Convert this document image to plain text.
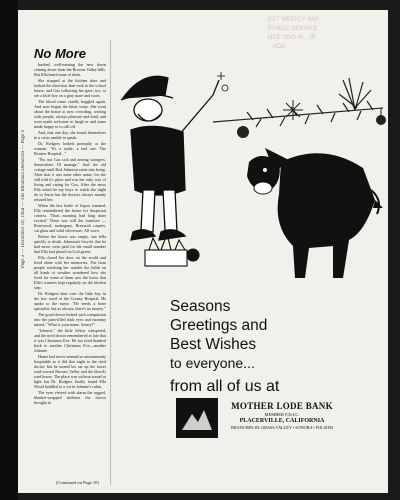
Page 2 — December 18, 1964 — The Mountain Democrat — Page 9
EXT WEEKLY PAP...
PUBLIC SERVICE
NCE ONG W... IR
...ADE
No More

bushed, well-earning the new down coming down from the Browns Valley hills. But Ella heard none of them.

She stopped at the kitchen door and looked the direction Jane took to the school house, and Gus following her gaze, too, to see a little boy on a gray mare and worn.

The blood came cruelly boggled again. And now began the bitter irony. She went about the house at now crowding, waiting with people, always pleasure and kind, and were made welcome to laugh or and some made happy or to call off.

And, that one day, she found themselves in a crisis unable to speak.

Dr. Rodgers looked promptly at the woman. "It's a smile, a bad one. The Pioneer Hospital..."

"No, not Gus sick and among strangers. Somewhere I'll manage." And the old cottage until Rod Johnston came into being. After that it was none other name, for she still told it's place and was her only way of living and caring for Gus. After the news Ella asked he say boys to watch the night do to Jessie but the doctors always mainly refused her.

When the last bottle of liquor warmed, Ella remembered the house for Suspicion context. 'Thats morning bad long done excited.' There was still the furniture — Rosewood, mahogany, Bravarah carpets, cut glass and solid silverware. All worn.

Before the house was empty, one fella quickly to death. Johnston's bicycle that he had never went paid for the small number that Ella had placed on God gaven.

Ella closed her door on the world and lived alone with her memories. The farm people watching her wander the fields on all kinds of weather wondered how she lived for some of them saw the horse that Ella's trustees kept regularly on the kitchen step.

Dr. Rodgers bent over the little boy in the low ward of the County Hospital. He spoke to the nurse. "He needs a bone specialist, but as always, there's no money."

The good doctor looked with compassion into the pain-filled dark eyes and mommy mined, "What is your name, Sonny?"

"Johnnie," the little fellow whispered, and the tired doctor remembered at fate that it was Christmas Eve. He too tired thanked back to another Christmas Eve—another Johnnie.

Home had never seemed so uncommonly hospitable as it did that night to the tired doctor, but he turned his car up the lower road toward Browns Valley and the blood's road house. The place was without sound or light but Dr. Rodgers finally found Ella Wood huddled to a cot in Johnnie's cabin.

The eyes viewed with alarm the ragged, blanket-wrapped skeleton the doctor brought in

(Continued on Page 10)
Seasons
Greetings and
Best Wishes
to everyone...
from all of us at
MOTHER LODE BANK
MEMBER F.D.I.C.
PLACERVILLE, CALIFORNIA
BRANCHES IN: GRASS VALLEY • SONORA • FOLSOM
